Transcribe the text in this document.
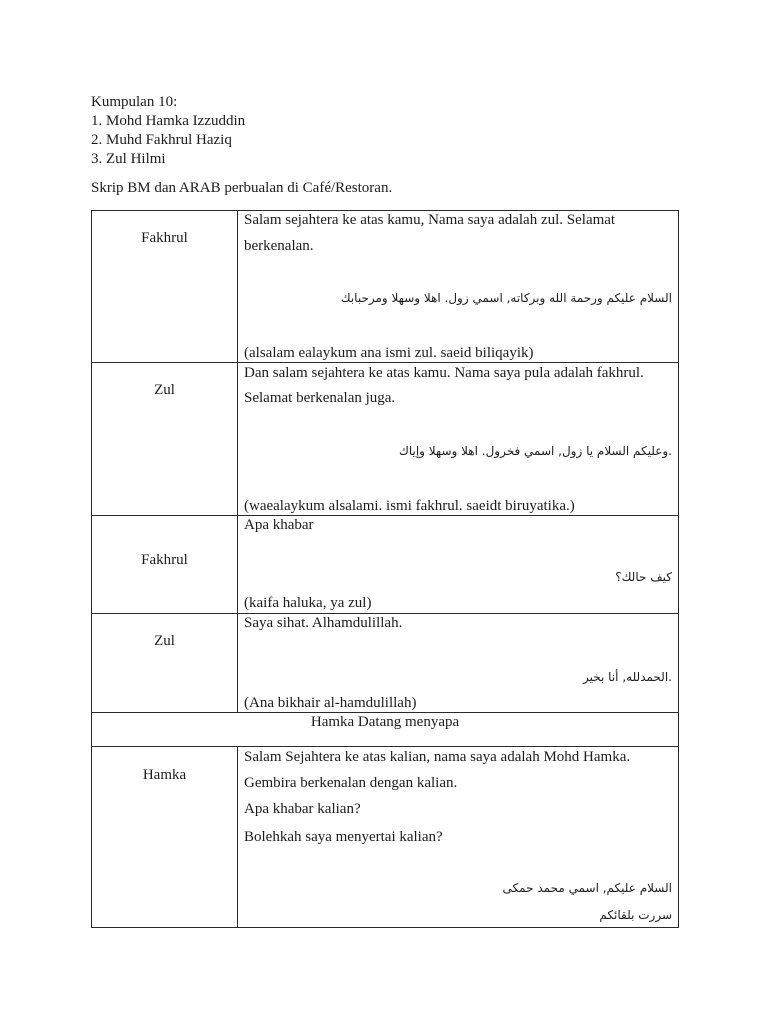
Kumpulan 10:
1. Mohd Hamka Izzuddin
2. Muhd Fakhrul Haziq
3. Zul Hilmi
Skrip BM dan ARAB perbualan di Café/Restoran.
Fakhrul
Salam sejahtera ke atas kamu, Nama saya adalah zul. Selamat
berkenalan.
السلام عليكم ورحمة الله وبركاته, اسمي زول. اهلا وسهلا ومرحبابك
(alsalam ealaykum ana ismi zul. saeid biliqayik)
Zul
Dan salam sejahtera ke atas kamu. Nama saya pula adalah fakhrul.
Selamat berkenalan juga.
وعليكم السلام يا زول, اسمي فخرول. اهلا وسهلا وإياك.
(waealaykum alsalami. ismi fakhrul. saeidt biruyatika.)
Fakhrul
Apa khabar
كيف حالك؟
(kaifa haluka, ya zul)
Zul
Saya sihat. Alhamdulillah.
الحمدلله, أنا بخير.
(Ana bikhair al-hamdulillah)
Hamka Datang menyapa
Hamka
Salam Sejahtera ke atas kalian, nama saya adalah Mohd Hamka.
Gembira berkenalan dengan kalian.
Apa khabar kalian?
Bolehkah saya menyertai kalian?
السلام عليكم, اسمي محمد حمكى
سررت بلقائكم
